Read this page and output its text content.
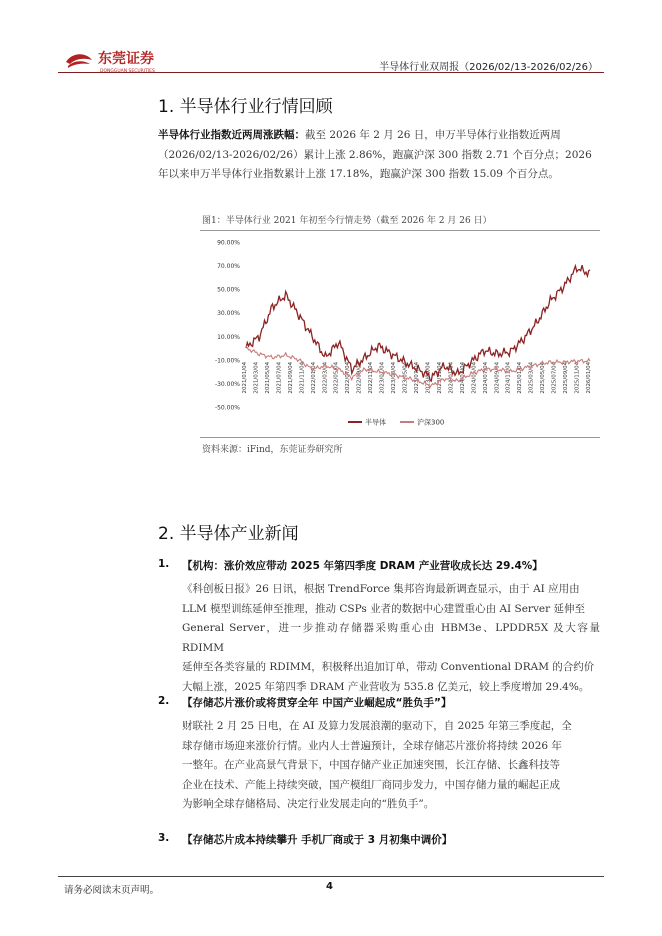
东莞证券
DONGGUAN SECURITIES	半导体行业双周报（2026/02/13-2026/02/26）
1. 半导体行业行情回顾
半导体行业指数近两周涨跌幅：截至 2026 年 2 月 26 日，申万半导体行业指数近两周
（2026/02/13-2026/02/26）累计上涨 2.86%，跑赢沪深 300 指数 2.71 个百分点；2026
年以来申万半导体行业指数累计上涨 17.18%，跑赢沪深 300 指数 15.09 个百分点。
图1：半导体行业 2021 年初至今行情走势（截至 2026 年 2 月 26 日）
90.00%
70.00%
50.00%
30.00%
10.00%
-10.00%
-30.00%
-50.00%
2021/01/04 2021/03/04 2021/05/04 2021/07/04 2021/09/04 2021/11/04 2022/01/04 2022/03/04 2022/05/04 2022/07/04 2022/09/04 2022/11/04 2023/01/04 2023/03/04 2023/05/04 2023/07/04 2023/09/04 2023/11/04 2024/01/04 2024/03/04 2024/05/04 2024/07/04 2024/09/04 2024/11/04 2025/01/04 2025/03/04 2025/05/04 2025/07/04 2025/09/04 2025/11/04 2026/01/04
半导体	沪深300
资料来源：iFind，东莞证券研究所
2. 半导体产业新闻
1. 【机构：涨价效应带动 2025 年第四季度 DRAM 产业营收成长达 29.4%】
《科创板日报》26 日讯，根据 TrendForce 集邦咨询最新调查显示，由于 AI 应用由
LLM 模型训练延伸至推理，推动 CSPs 业者的数据中心建置重心由 AI Server 延伸至
General Server，进一步推动存储器采购重心由 HBM3e、LPDDR5X 及大容量 RDIMM
延伸至各类容量的 RDIMM，积极释出追加订单，带动 Conventional DRAM 的合约价
大幅上涨，2025 年第四季 DRAM 产业营收为 535.8 亿美元，较上季度增加 29.4%。
2. 【存储芯片涨价或将贯穿全年 中国产业崛起成“胜负手”】
财联社 2 月 25 日电，在 AI 及算力发展浪潮的驱动下，自 2025 年第三季度起，全
球存储市场迎来涨价行情。业内人士普遍预计，全球存储芯片涨价将持续 2026 年
一整年。在产业高景气背景下，中国存储产业正加速突围，长江存储、长鑫科技等
企业在技术、产能上持续突破，国产模组厂商同步发力，中国存储力量的崛起正成
为影响全球存储格局、决定行业发展走向的“胜负手”。
3. 【存储芯片成本持续攀升 手机厂商或于 3 月初集中调价】
请务必阅读末页声明。	4
